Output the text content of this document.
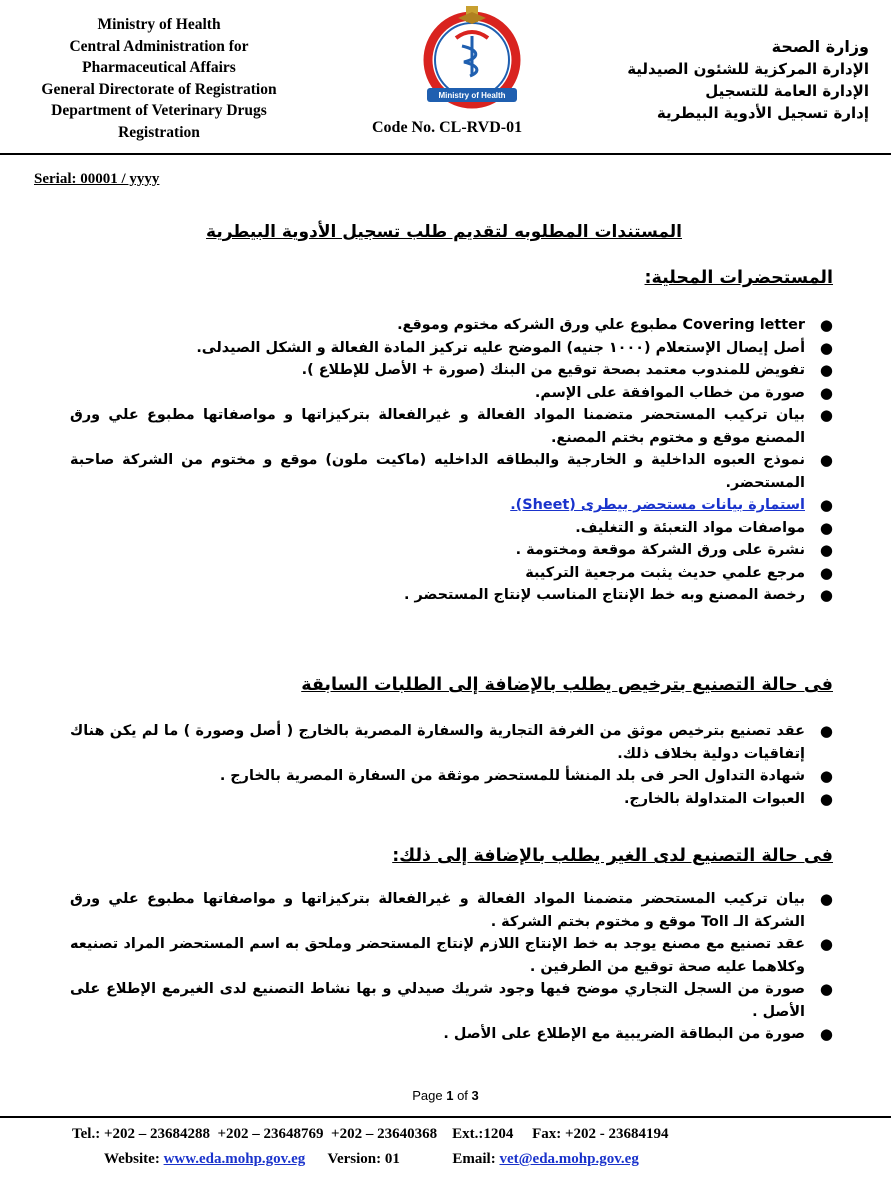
Ministry of Health
Central Administration for
Pharmaceutical Affairs
General Directorate of Registration
Department of Veterinary Drugs
Registration
Ministry of Health
Code No. CL-RVD-01
وزارة الصحة
الإدارة المركزية للشئون الصيدلية
الإدارة العامة للتسجيل
إدارة تسجيل الأدوية البيطرية
Serial: 00001 / yyyy
المستندات المطلوبه لتقديم طلب تسجيل الأدوية البيطرية
المستحضرات المحلية:
●
Covering letter مطبوع علي ورق الشركه مختوم وموقع.
●
أصل إيصال الإستعلام (١٠٠٠ جنيه) الموضح عليه تركيز المادة الفعالة و الشكل الصيدلى.
●
تفويض للمندوب معتمد بصحة توقيع من البنك (صورة + الأصل للإطلاع ).
●
صورة من خطاب الموافقة على الإسم.
●
بيان تركيب المستحضر متضمنا المواد الفعالة و غيرالفعالة بتركيزاتها و مواصفاتها مطبوع علي ورق المصنع موقع و مختوم بختم المصنع.
●
نموذج العبوه الداخلية و الخارجية والبطاقه الداخليه (ماكيت ملون) موقع و مختوم من الشركة صاحبة المستحضر.
●
استمارة بيانات مستحضر بيطرى (Sheet).
●
مواصفات مواد التعبئة و التغليف.
●
نشرة على ورق الشركة موقعة ومختومة .
●
مرجع علمي حديث يثبت مرجعية التركيبة
●
رخصة المصنع وبه خط الإنتاج المناسب لإنتاج المستحضر .
فى حالة التصنيع بترخيص يطلب بالإضافة إلى الطلبات السابقة
●
عقد تصنيع بترخيص موثق من الغرفة التجارية والسفارة المصرية بالخارج ( أصل وصورة ) ما لم يكن هناك إتفاقيات دولية بخلاف ذلك.
●
شهادة التداول الحر فى بلد المنشأ للمستحضر موثقة من السفارة المصرية بالخارج .
●
العبوات المتداولة بالخارج.
فى حالة التصنيع لدى الغير يطلب بالإضافة إلى ذلك:
●
بيان تركيب المستحضر متضمنا المواد الفعالة و غيرالفعالة بتركيزاتها و مواصفاتها مطبوع علي ورق الشركة الـ Toll موقع و مختوم بختم الشركة .
●
عقد تصنيع مع مصنع يوجد به خط الإنتاج اللازم لإنتاج المستحضر وملحق به اسم المستحضر المراد تصنيعه وكلاهما عليه صحة توقيع من الطرفين .
●
صورة من السجل التجاري موضح فيها وجود شريك صيدلي و بها نشاط التصنيع لدى الغيرمع الإطلاع على الأصل .
●
صورة من البطاقة الضريبية مع الإطلاع على الأصل .
Page 1 of 3
Tel.: +202 – 23684288  +202 – 23648769  +202 – 23640368    Ext.:1204     Fax: +202 - 23684194
Website: www.eda.mohp.gov.eg      Version: 01              Email: vet@eda.mohp.gov.eg
